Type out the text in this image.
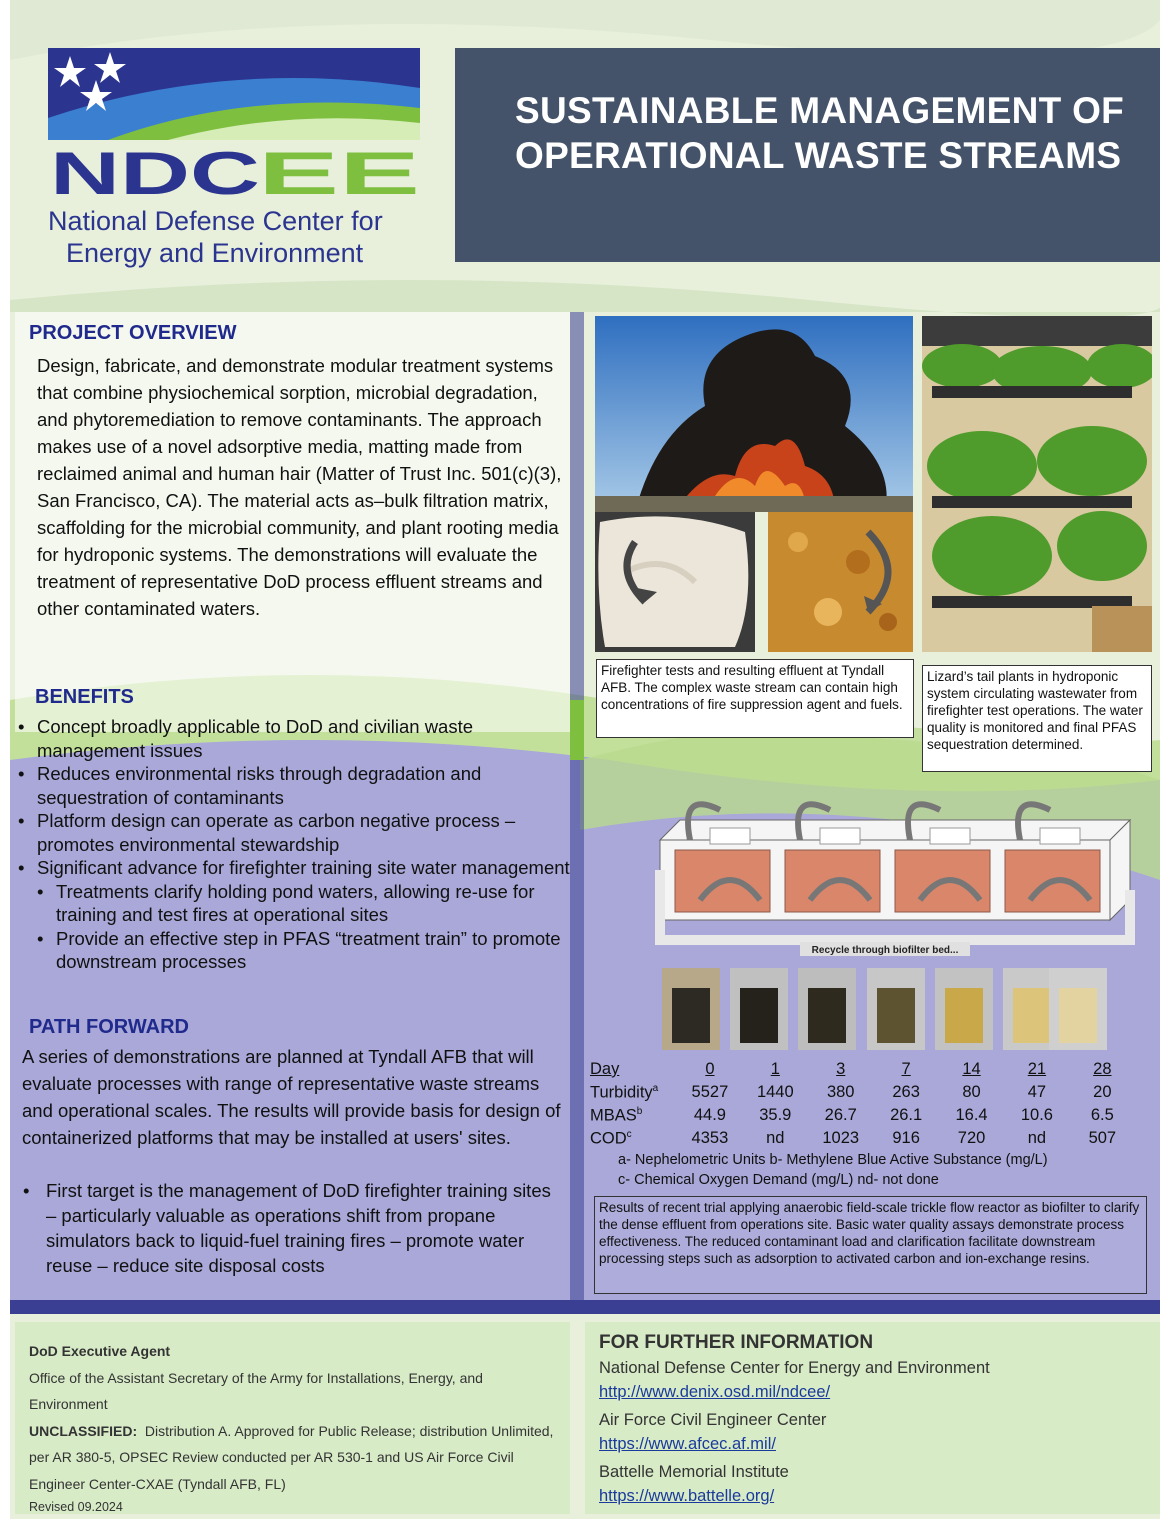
NDC
EE
National Defense Center for
Energy and Environment
SUSTAINABLE MANAGEMENT OF OPERATIONAL WASTE STREAMS
PROJECT OVERVIEW
Design, fabricate, and demonstrate modular treatment systems that combine physiochemical sorption, microbial degradation, and phytoremediation to remove contaminants. The approach makes use of a novel adsorptive media, matting made from reclaimed animal and human hair (Matter of Trust Inc. 501(c)(3), San Francisco, CA). The material acts as–bulk filtration matrix, scaffolding for the microbial community, and plant rooting media for hydroponic systems. The demonstrations will evaluate the treatment of representative DoD process effluent streams and other contaminated waters.
BENEFITS
• Concept broadly applicable to DoD and civilian waste management issues
• Reduces environmental risks through degradation and sequestration of contaminants
• Platform design can operate as carbon negative process – promotes environmental stewardship
• Significant advance for firefighter training site water management
• Treatments clarify holding pond waters, allowing re-use for training and test fires at operational sites
• Provide an effective step in PFAS “treatment train” to promote downstream processes
PATH FORWARD
A series of demonstrations are planned at Tyndall AFB that will evaluate processes with range of representative waste streams and operational scales. The results will provide basis for design of containerized platforms that may be installed at users' sites.
• First target is the management of DoD firefighter training sites – particularly valuable as operations shift from propane simulators back to liquid-fuel training fires – promote water reuse – reduce site disposal costs
Firefighter tests and resulting effluent at Tyndall AFB. The complex waste stream can contain high concentrations of fire suppression agent and fuels.
Lizard’s tail plants in hydroponic system circulating wastewater from firefighter test operations. The water quality is monitored and final PFAS sequestration determined.
Recycle through biofilter bed...
Day	0	1	3	7	14	21	28
Turbidity$^a$	5527	1440	380	263	80	47	20
MBAS$^b$	44.9	35.9	26.7	26.1	16.4	10.6	6.5
COD$^c$	4353	nd	1023	916	720	nd	507
a- Nephelometric Units b- Methylene Blue Active Substance (mg/L)
c- Chemical Oxygen Demand (mg/L) nd- not done
Results of recent trial applying anaerobic field-scale trickle flow reactor as biofilter to clarify the dense effluent from operations site. Basic water quality assays demonstrate process effectiveness. The reduced contaminant load and clarification facilitate downstream processing steps such as adsorption to activated carbon and ion-exchange resins.
DoD Executive Agent
Office of the Assistant Secretary of the Army for Installations, Energy, and Environment
UNCLASSIFIED: Distribution A. Approved for Public Release; distribution Unlimited, per AR 380-5, OPSEC Review conducted per AR 530-1 and US Air Force Civil Engineer Center-CXAE (Tyndall AFB, FL)
Revised 09.2024
FOR FURTHER INFORMATION
National Defense Center for Energy and Environment
http://www.denix.osd.mil/ndcee/
Air Force Civil Engineer Center
https://www.afcec.af.mil/
Battelle Memorial Institute
https://www.battelle.org/
